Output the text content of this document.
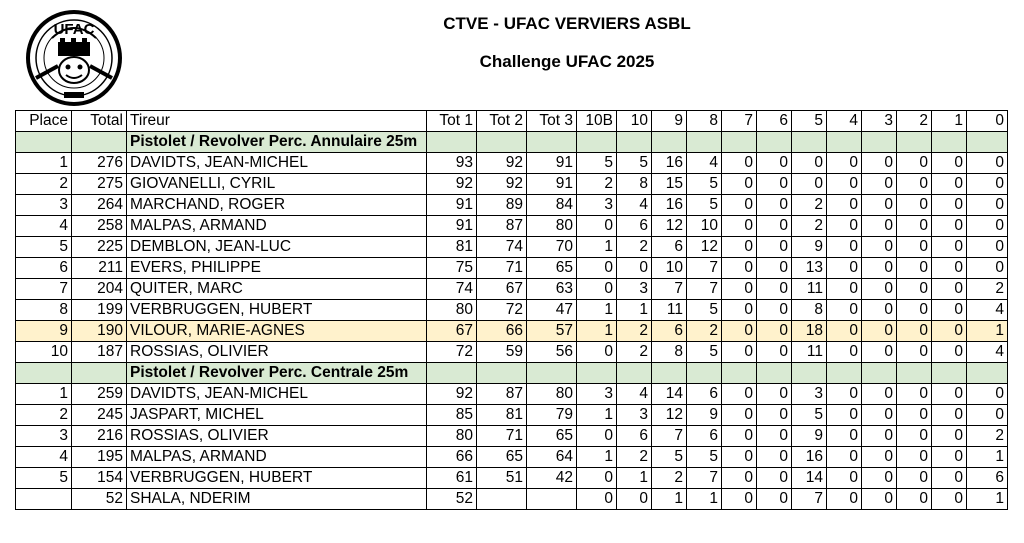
UFAC	CTVE - UFAC VERVIERS ASBL
Challenge UFAC 2025
Place	Total	Tireur	Tot 1	Tot 2	Tot 3	10B	10	9	8	7	6	5	4	3	2	1	0
		Pistolet / Revolver Perc. Annulaire 25m															
1	276	DAVIDTS, JEAN-MICHEL	93	92	91	5	5	16	4	0	0	0	0	0	0	0	0
2	275	GIOVANELLI, CYRIL	92	92	91	2	8	15	5	0	0	0	0	0	0	0	0
3	264	MARCHAND, ROGER	91	89	84	3	4	16	5	0	0	2	0	0	0	0	0
4	258	MALPAS, ARMAND	91	87	80	0	6	12	10	0	0	2	0	0	0	0	0
5	225	DEMBLON, JEAN-LUC	81	74	70	1	2	6	12	0	0	9	0	0	0	0	0
6	211	EVERS, PHILIPPE	75	71	65	0	0	10	7	0	0	13	0	0	0	0	0
7	204	QUITER, MARC	74	67	63	0	3	7	7	0	0	11	0	0	0	0	2
8	199	VERBRUGGEN, HUBERT	80	72	47	1	1	11	5	0	0	8	0	0	0	0	4
9	190	VILOUR, MARIE-AGNES	67	66	57	1	2	6	2	0	0	18	0	0	0	0	1
10	187	ROSSIAS, OLIVIER	72	59	56	0	2	8	5	0	0	11	0	0	0	0	4
		Pistolet / Revolver Perc. Centrale 25m															
1	259	DAVIDTS, JEAN-MICHEL	92	87	80	3	4	14	6	0	0	3	0	0	0	0	0
2	245	JASPART, MICHEL	85	81	79	1	3	12	9	0	0	5	0	0	0	0	0
3	216	ROSSIAS, OLIVIER	80	71	65	0	6	7	6	0	0	9	0	0	0	0	2
4	195	MALPAS, ARMAND	66	65	64	1	2	5	5	0	0	16	0	0	0	0	1
5	154	VERBRUGGEN, HUBERT	61	51	42	0	1	2	7	0	0	14	0	0	0	0	6
	52	SHALA, NDERIM	52			0	0	1	1	0	0	7	0	0	0	0	1
